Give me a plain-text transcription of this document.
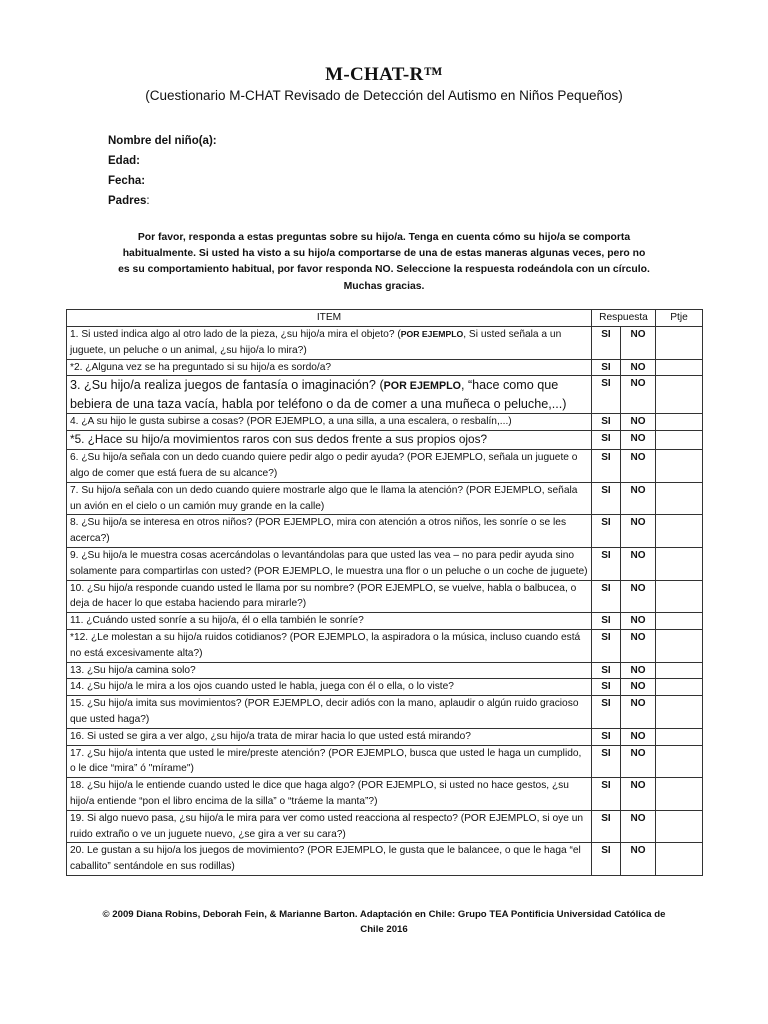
M-CHAT-R™
(Cuestionario M-CHAT Revisado de Detección del Autismo en Niños Pequeños)
Nombre del niño(a):
Edad:
Fecha:
Padres:
Por favor, responda a estas preguntas sobre su hijo/a. Tenga en cuenta cómo su hijo/a se comporta habitualmente. Si usted ha visto a su hijo/a comportarse de una de estas maneras algunas veces, pero no es su comportamiento habitual, por favor responda NO. Seleccione la respuesta rodeándola con un círculo. Muchas gracias.
ITEM	Respuesta		Ptje
1. Si usted indica algo al otro lado de la pieza, ¿su hijo/a mira el objeto? (POR EJEMPLO, Si usted señala a un juguete, un peluche o un animal, ¿su hijo/a lo mira?)	SI	NO	
*2. ¿Alguna vez se ha preguntado si su hijo/a es sordo/a?	SI	NO	
3. ¿Su hijo/a realiza juegos de fantasía o imaginación? (POR EJEMPLO, “hace como que bebiera de una taza vacía, habla por teléfono o da de comer a una muñeca o peluche,...)	SI	NO	
4. ¿A su hijo le gusta subirse a cosas? (POR EJEMPLO, a una silla, a una escalera, o resbalín,...)	SI	NO	
*5. ¿Hace su hijo/a movimientos raros con sus dedos frente a sus propios ojos?	SI	NO	
6. ¿Su hijo/a señala con un dedo cuando quiere pedir algo o pedir ayuda? (POR EJEMPLO, señala un juguete o algo de comer que está fuera de su alcance?)	SI	NO	
7. Su hijo/a señala con un dedo cuando quiere mostrarle algo que le llama la atención? (POR EJEMPLO, señala un avión en el cielo o un camión muy grande en la calle)	SI	NO	
8. ¿Su hijo/a se interesa en otros niños? (POR EJEMPLO, mira con atención a otros niños, les sonríe o se les acerca?)	SI	NO	
9. ¿Su hijo/a le muestra cosas acercándolas o levantándolas para que usted las vea – no para pedir ayuda sino solamente para compartirlas con usted? (POR EJEMPLO, le muestra una flor o un peluche o un coche de juguete)	SI	NO	
10. ¿Su hijo/a responde cuando usted le llama por su nombre? (POR EJEMPLO, se vuelve, habla o balbucea, o deja de hacer lo que estaba haciendo para mirarle?)	SI	NO	
11. ¿Cuándo usted sonríe a su hijo/a, él o ella también le sonríe?	SI	NO	
*12. ¿Le molestan a su hijo/a ruidos cotidianos? (POR EJEMPLO, la aspiradora o la música, incluso cuando está no está excesivamente alta?)	SI	NO	
13. ¿Su hijo/a camina solo?	SI	NO	
14. ¿Su hijo/a le mira a los ojos cuando usted le habla, juega con él o ella, o lo viste?	SI	NO	
15. ¿Su hijo/a imita sus movimientos? (POR EJEMPLO, decir adiós con la mano, aplaudir o algún ruido gracioso que usted haga?)	SI	NO	
16. Si usted se gira a ver algo, ¿su hijo/a trata de mirar hacia lo que usted está mirando?	SI	NO	
17. ¿Su hijo/a intenta que usted le mire/preste atención? (POR EJEMPLO, busca que usted le haga un cumplido, o le dice “mira” ó "mírame")	SI	NO	
18. ¿Su hijo/a le entiende cuando usted le dice que haga algo? (POR EJEMPLO, si usted no hace gestos, ¿su hijo/a entiende “pon el libro encima de la silla” o “tráeme la manta”?)	SI	NO	
19. Si algo nuevo pasa, ¿su hijo/a le mira para ver como usted reacciona al respecto? (POR EJEMPLO, si oye un ruido extraño o ve un juguete nuevo, ¿se gira a ver su cara?)	SI	NO	
20. Le gustan a su hijo/a los juegos de movimiento? (POR EJEMPLO, le gusta que le balancee, o que le haga “el caballito” sentándole en sus rodillas)	SI	NO	
© 2009 Diana Robins, Deborah Fein, & Marianne Barton. Adaptación en Chile: Grupo TEA Pontificia Universidad Católica de Chile 2016
